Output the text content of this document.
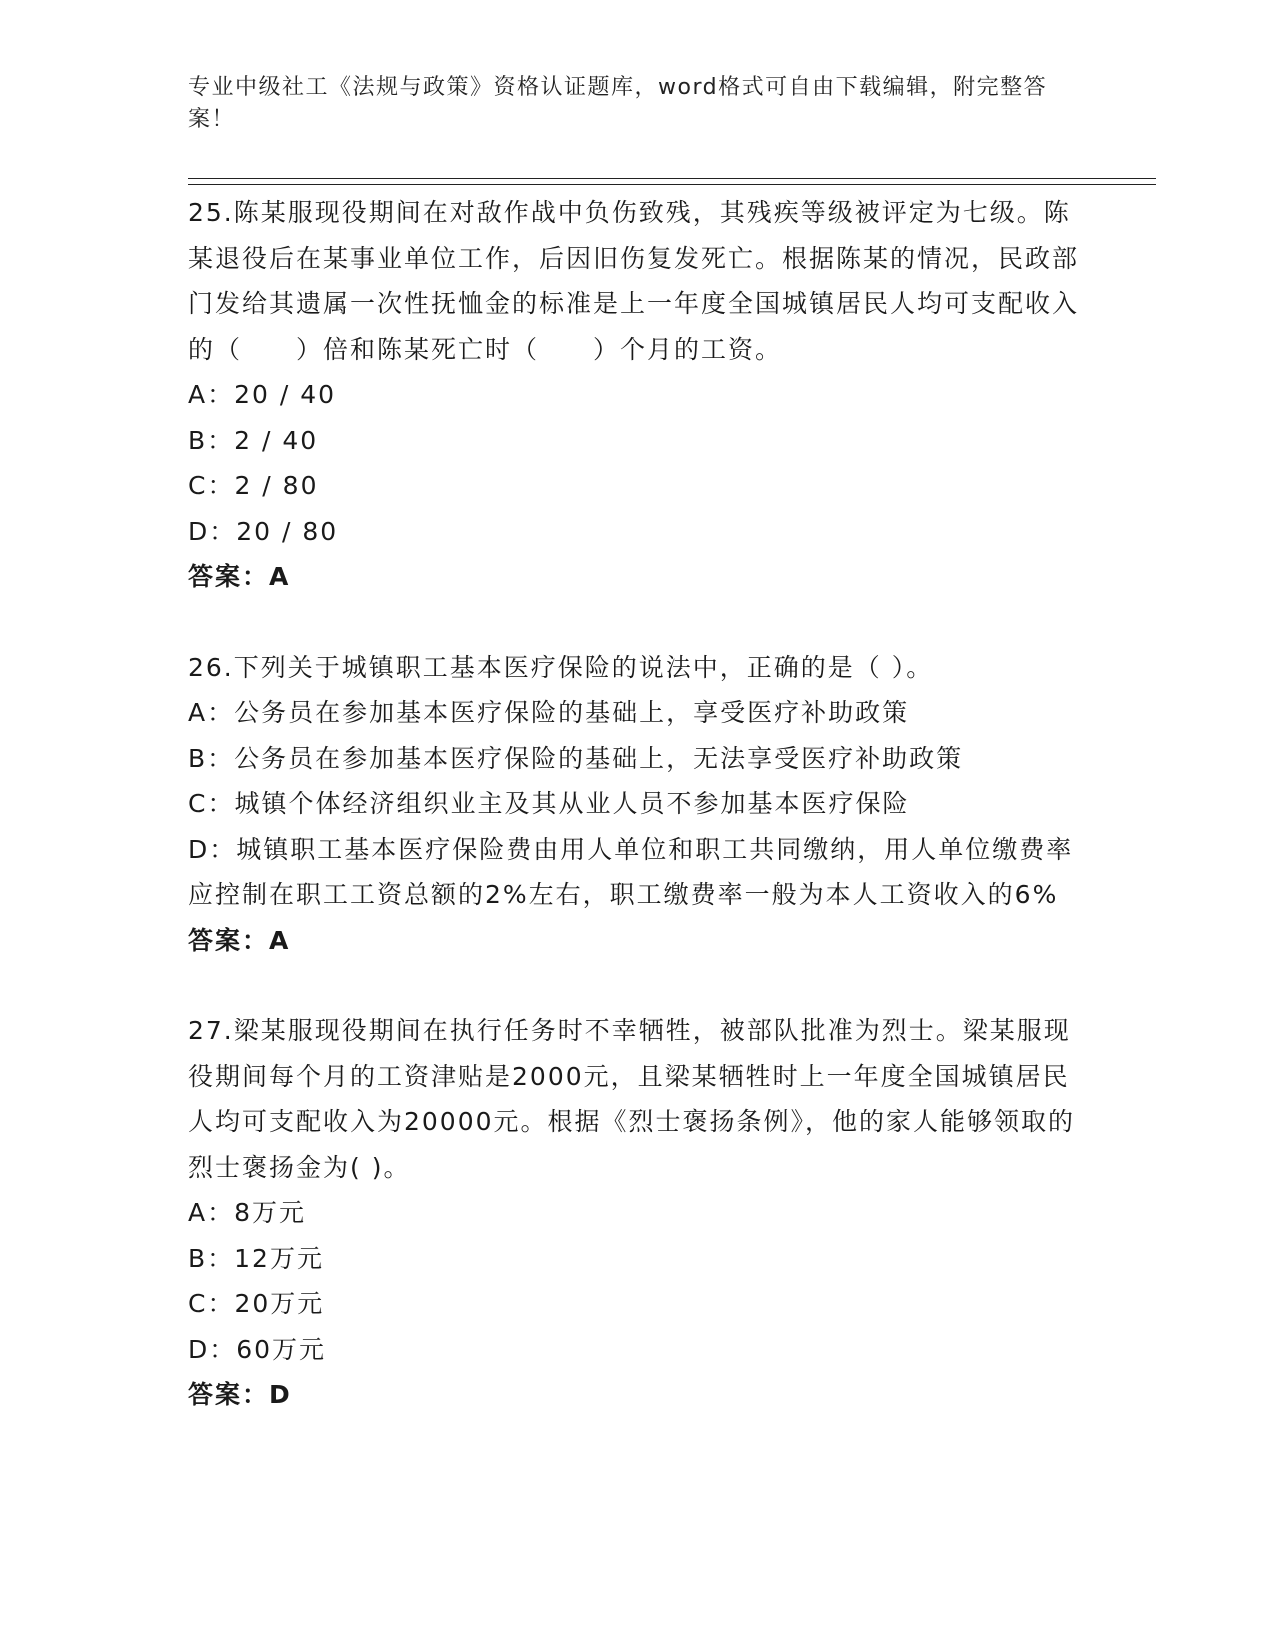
专业中级社工《法规与政策》资格认证题库，word格式可自由下载编辑，附完整答案！

25.陈某服现役期间在对敌作战中负伤致残，其残疾等级被评定为七级。陈某退役后在某事业单位工作，后因旧伤复发死亡。根据陈某的情况，民政部门发给其遗属一次性抚恤金的标准是上一年度全国城镇居民人均可支配收入的（　　）倍和陈某死亡时（　　）个月的工资。

A：20 / 40

B：2 / 40

C：2 / 80

D：20 / 80

答案：A

26.下列关于城镇职工基本医疗保险的说法中，正确的是（ ）。

A：公务员在参加基本医疗保险的基础上，享受医疗补助政策

B：公务员在参加基本医疗保险的基础上，无法享受医疗补助政策

C：城镇个体经济组织业主及其从业人员不参加基本医疗保险

D：城镇职工基本医疗保险费由用人单位和职工共同缴纳，用人单位缴费率应控制在职工工资总额的2%左右，职工缴费率一般为本人工资收入的6%

答案：A

27.梁某服现役期间在执行任务时不幸牺牲，被部队批准为烈士。梁某服现役期间每个月的工资津贴是2000元，且梁某牺牲时上一年度全国城镇居民人均可支配收入为20000元。根据《烈士褒扬条例》，他的家人能够领取的烈士褒扬金为( )。

A：8万元

B：12万元

C：20万元

D：60万元

答案：D
